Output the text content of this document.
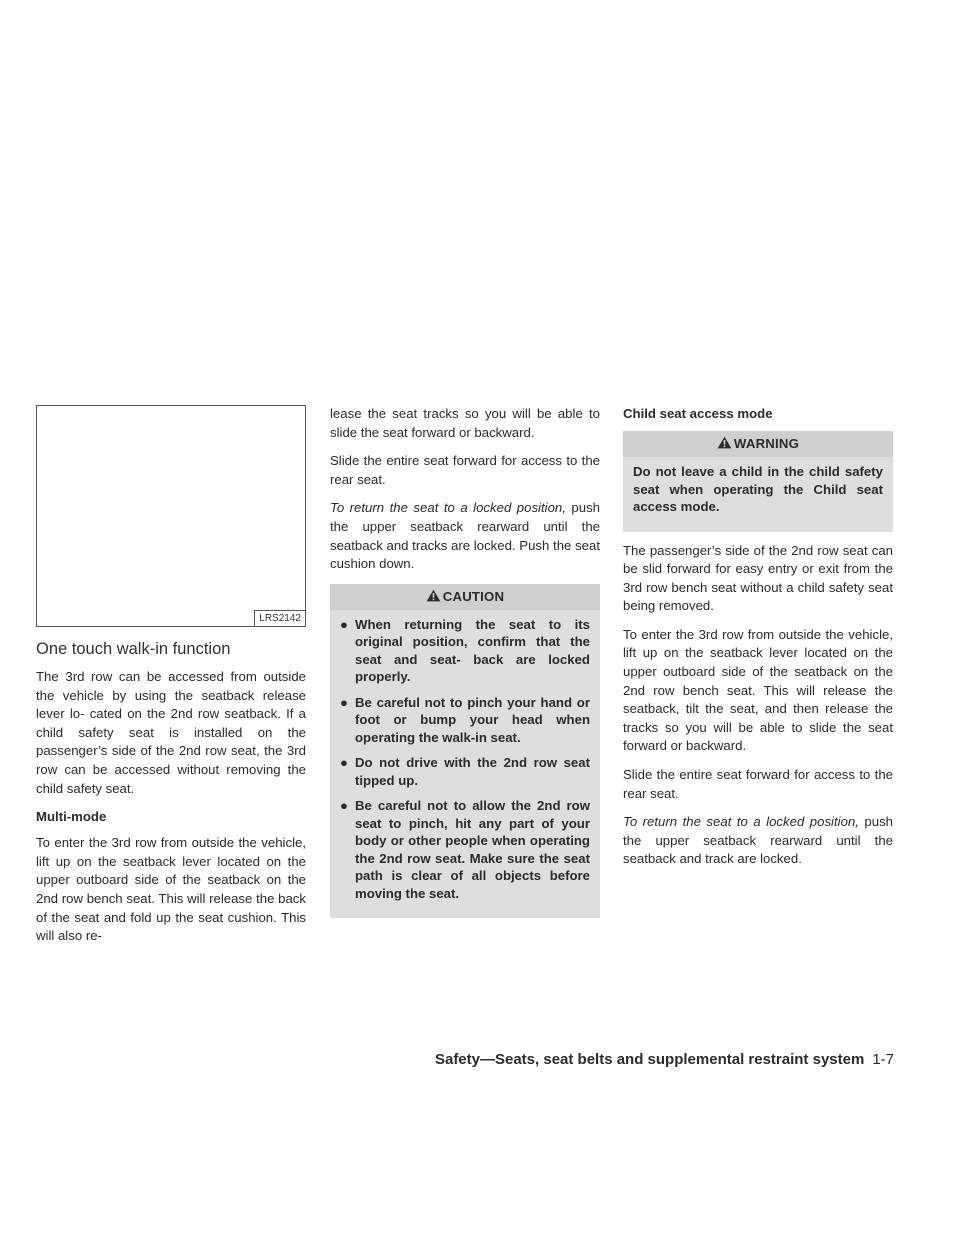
LRS2142
One touch walk-in function

The 3rd row can be accessed from outside the vehicle by using the seatback release lever lo- cated on the 2nd row seatback. If a child safety seat is installed on the passenger’s side of the 2nd row seat, the 3rd row can be accessed without removing the child safety seat.

Multi-mode

To enter the 3rd row from outside the vehicle, lift up on the seatback lever located on the upper outboard side of the seatback on the 2nd row bench seat. This will release the back of the seat and fold up the seat cushion. This will also re-

lease the seat tracks so you will be able to slide the seat forward or backward.

Slide the entire seat forward for access to the rear seat.

To return the seat to a locked position, push the upper seatback rearward until the seatback and tracks are locked. Push the seat cushion down.

CAUTION
● When returning the seat to its original position, confirm that the seat and seat- back are locked properly.
● Be careful not to pinch your hand or foot or bump your head when operating the walk-in seat.
● Do not drive with the 2nd row seat tipped up.
● Be careful not to allow the 2nd row seat to pinch, hit any part of your body or other people when operating the 2nd row seat. Make sure the seat path is clear of all objects before moving the seat.
Child seat access mode
WARNING

Do not leave a child in the child safety seat when operating the Child seat access mode.

The passenger’s side of the 2nd row seat can be slid forward for easy entry or exit from the 3rd row bench seat without a child safety seat being removed.

To enter the 3rd row from outside the vehicle, lift up on the seatback lever located on the upper outboard side of the seatback on the 2nd row bench seat. This will release the seatback, tilt the seat, and then release the tracks so you will be able to slide the seat forward or backward.

Slide the entire seat forward for access to the rear seat.

To return the seat to a locked position, push the upper seatback rearward until the seatback and track are locked.

Safety—Seats, seat belts and supplemental restraint system 1-7
